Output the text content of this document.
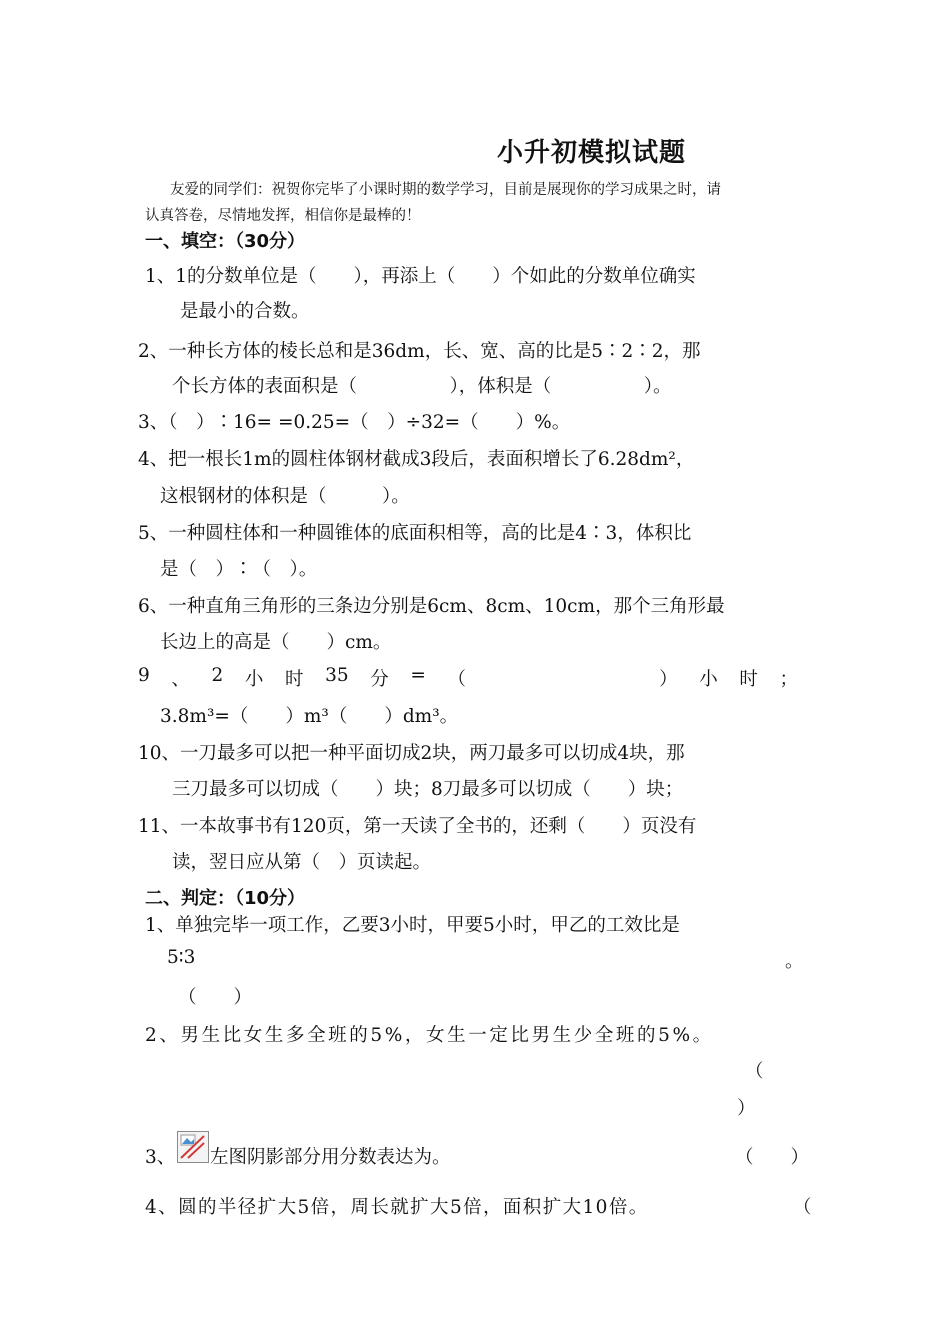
小升初模拟试题
友爱的同学们：祝贺你完毕了小课时期的数学学习，目前是展现你的学习成果之时，请
认真答卷，尽情地发挥，相信你是最棒的！
一、填空：（30分）
1、1的分数单位是（　　），再添上（　　）个如此的分数单位确实
是最小的合数。
2、一种长方体的棱长总和是36dm，长、宽、高的比是5∶2∶2，那
个长方体的表面积是（　　　　　），体积是（　　　　　）。
3、（　）∶16= =0.25=（　）÷32=（　　）%。
4、把一根长1m的圆柱体钢材截成3段后，表面积增长了6.28dm²，
这根钢材的体积是（　　　）。
5、一种圆柱体和一种圆锥体的底面积相等，高的比是4∶3，体积比
是（　）∶（　）。
6、一种直角三角形的三条边分别是6cm、8cm、10cm，那个三角形最
长边上的高是（　　）cm。
9 、 2 小 时 35 分 = （	） 小 时 ；
3.8m³=（　　）m³（　　）dm³。
10、一刀最多可以把一种平面切成2块，两刀最多可以切成4块，那
三刀最多可以切成（　　）块；8刀最多可以切成（　　）块；
11、一本故事书有120页，第一天读了全书的，还剩（　　）页没有
读，翌日应从第（　）页读起。
二、判定：（10分）
1、单独完毕一项工作，乙要3小时，甲要5小时，甲乙的工效比是
5∶3	。
（　　）
2、男生比女生多全班的5%，女生一定比男生少全班的5%。
（
）
3、 左图阴影部分用分数表达为。	（　　）
4、圆的半径扩大5倍，周长就扩大5倍，面积扩大10倍。	（
